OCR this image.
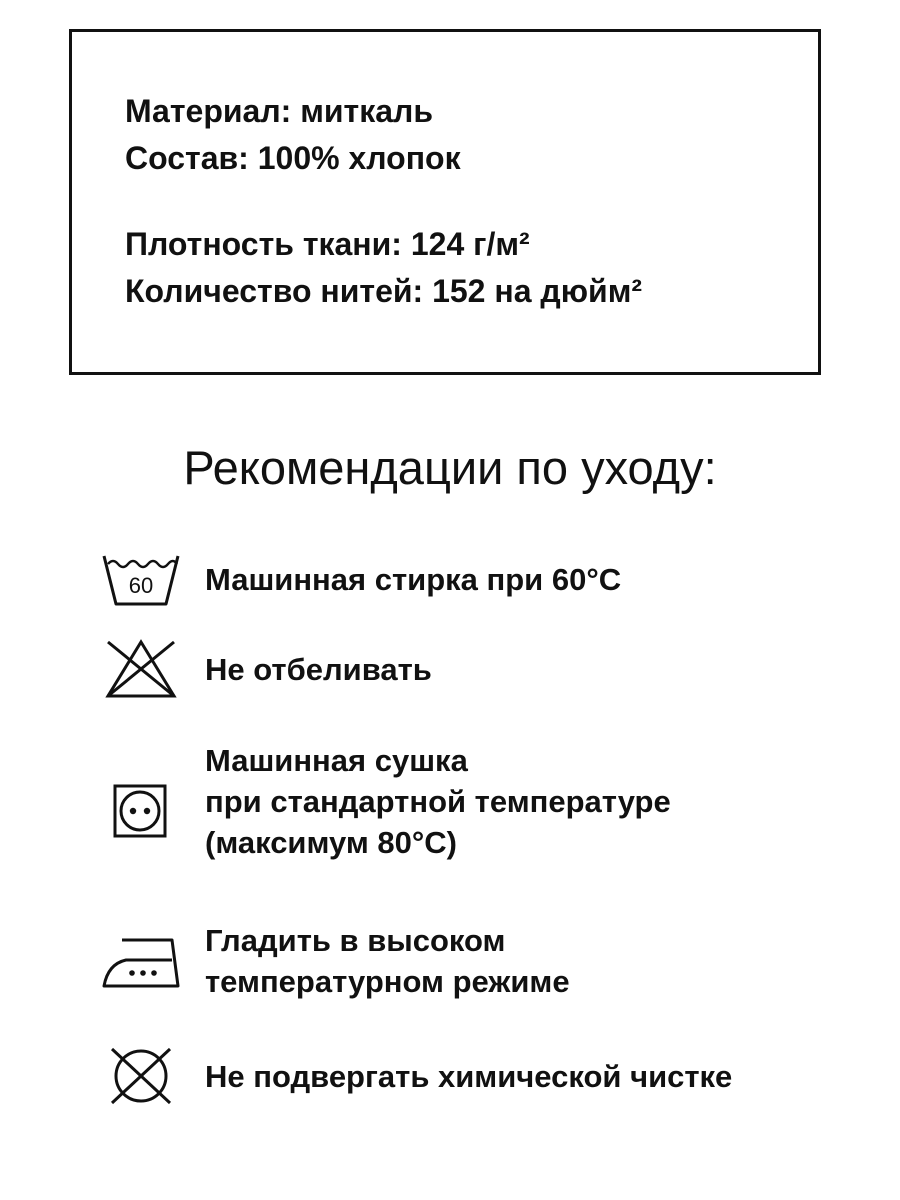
Материал: миткаль
Состав: 100% хлопок
Плотность ткани: 124 г/м²
Количество нитей: 152 на дюйм²
Рекомендации по уходу:
60 Машинная стирка при 60°C
Не отбеливать
Машинная сушка
при стандартной температуре
(максимум 80°C)
Гладить в высоком
температурном режиме
Не подвергать химической чистке
